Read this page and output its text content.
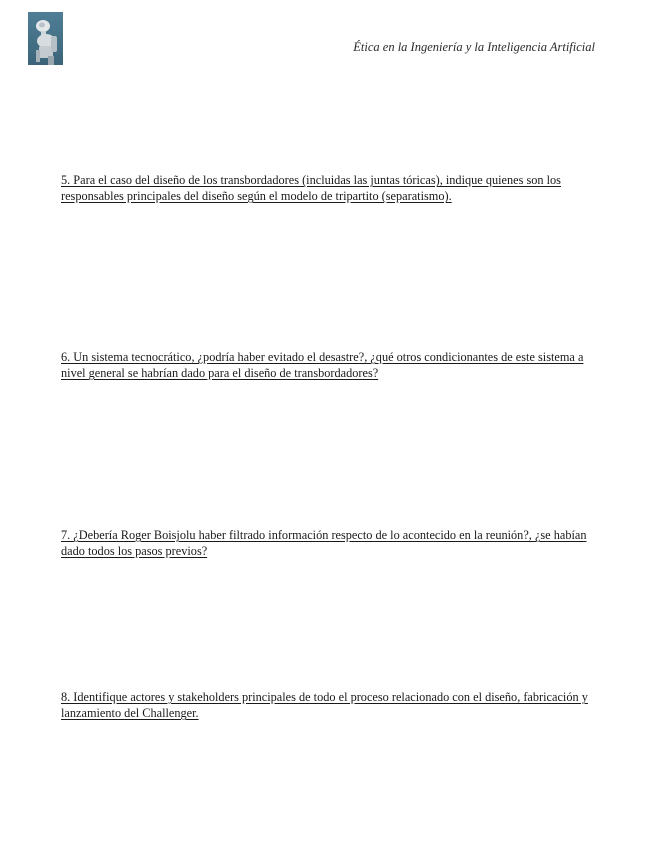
Ética en la Ingeniería y la Inteligencia Artificial

5. Para el caso del diseño de los transbordadores (incluidas las juntas tóricas), indique quienes son los responsables principales del diseño según el modelo de tripartito (separatismo).

6. Un sistema tecnocrático, ¿podría haber evitado el desastre?, ¿qué otros condicionantes de este sistema a nivel general se habrían dado para el diseño de transbordadores?

7. ¿Debería Roger Boisjolu haber filtrado información respecto de lo acontecido en la reunión?, ¿se habían dado todos los pasos previos?

8. Identifique actores y stakeholders principales de todo el proceso relacionado con el diseño, fabricación y lanzamiento del Challenger.
